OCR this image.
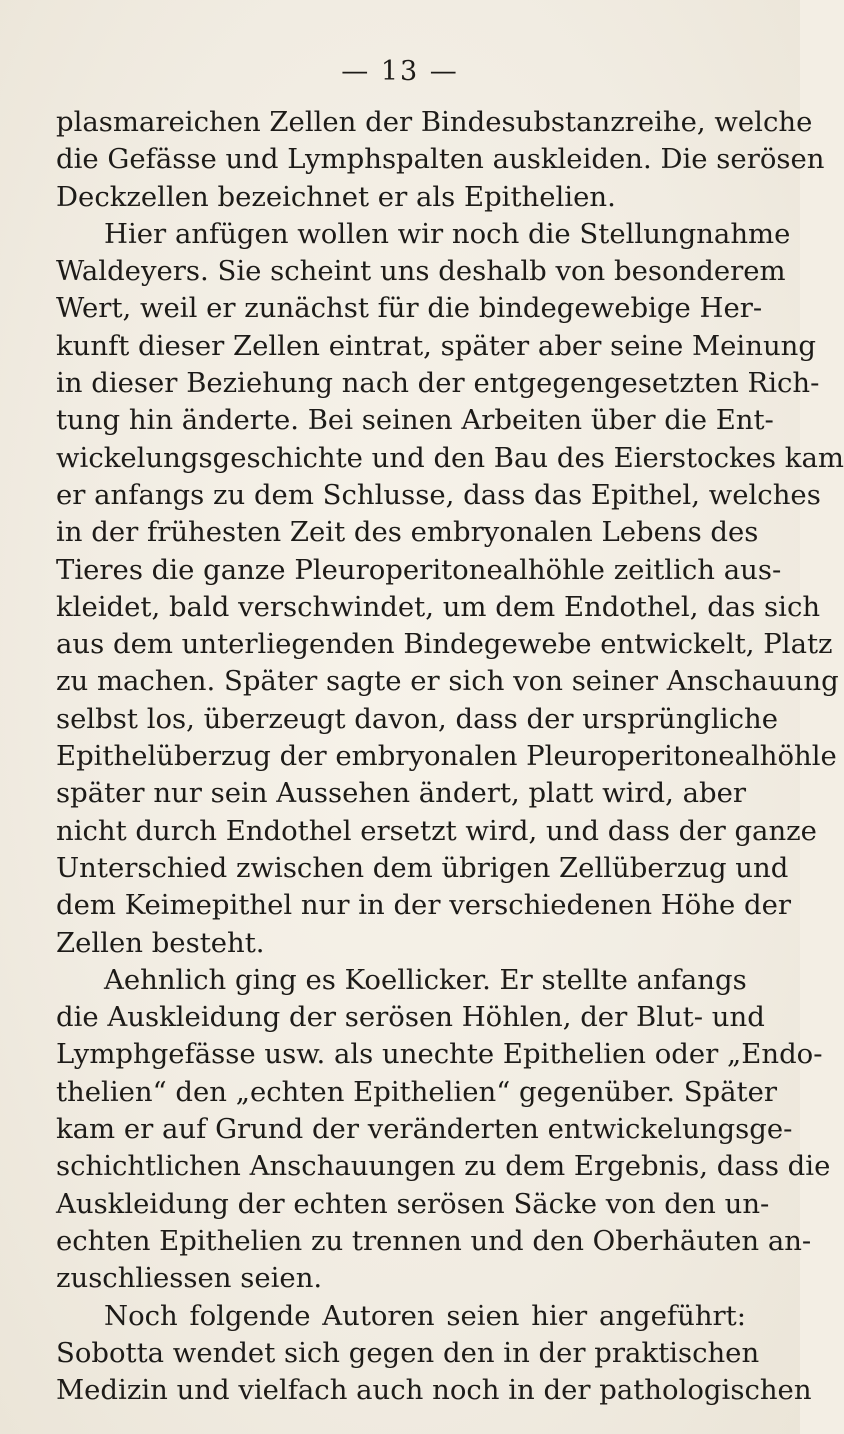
— 13 —
plasmareichen Zellen der Bindesubstanzreihe, welche
die Gefässe und Lymphspalten auskleiden. Die serösen
Deckzellen bezeichnet er als Epithelien.
Hier anfügen wollen wir noch die Stellungnahme
Waldeyers. Sie scheint uns deshalb von besonderem
Wert, weil er zunächst für die bindegewebige Her-
kunft dieser Zellen eintrat, später aber seine Meinung
in dieser Beziehung nach der entgegengesetzten Rich-
tung hin änderte. Bei seinen Arbeiten über die Ent-
wickelungsgeschichte und den Bau des Eierstockes kam
er anfangs zu dem Schlusse, dass das Epithel, welches
in der frühesten Zeit des embryonalen Lebens des
Tieres die ganze Pleuroperitonealhöhle zeitlich aus-
kleidet, bald verschwindet, um dem Endothel, das sich
aus dem unterliegenden Bindegewebe entwickelt, Platz
zu machen. Später sagte er sich von seiner Anschauung
selbst los, überzeugt davon, dass der ursprüngliche
Epithelüberzug der embryonalen Pleuroperitonealhöhle
später nur sein Aussehen ändert, platt wird, aber
nicht durch Endothel ersetzt wird, und dass der ganze
Unterschied zwischen dem übrigen Zellüberzug und
dem Keimepithel nur in der verschiedenen Höhe der
Zellen besteht.
Aehnlich ging es Koellicker. Er stellte anfangs
die Auskleidung der serösen Höhlen, der Blut- und
Lymphgefässe usw. als unechte Epithelien oder „Endo-
thelien“ den „echten Epithelien“ gegenüber. Später
kam er auf Grund der veränderten entwickelungsge-
schichtlichen Anschauungen zu dem Ergebnis, dass die
Auskleidung der echten serösen Säcke von den un-
echten Epithelien zu trennen und den Oberhäuten an-
zuschliessen seien.
Noch folgende Autoren seien hier angeführt:
Sobotta wendet sich gegen den in der praktischen
Medizin und vielfach auch noch in der pathologischen
